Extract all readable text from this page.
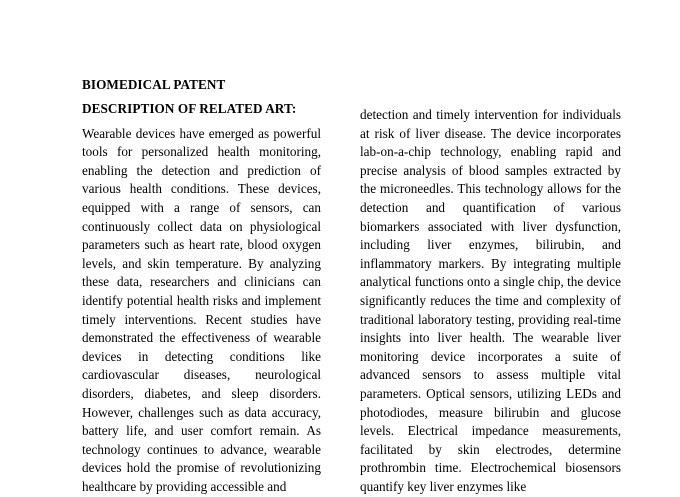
BIOMEDICAL PATENT
DESCRIPTION OF RELATED ART:

Wearable devices have emerged as powerful tools for personalized health monitoring, enabling the detection and prediction of various health conditions. These devices, equipped with a range of sensors, can continuously collect data on physiological parameters such as heart rate, blood oxygen levels, and skin temperature. By analyzing these data, researchers and clinicians can identify potential health risks and implement timely interventions. Recent studies have demonstrated the effectiveness of wearable devices in detecting conditions like cardiovascular diseases, neurological disorders, diabetes, and sleep disorders. However, challenges such as data accuracy, battery life, and user comfort remain. As technology continues to advance, wearable devices hold the promise of revolutionizing healthcare by providing accessible and

detection and timely intervention for individuals at risk of liver disease. The device incorporates lab-on-a-chip technology, enabling rapid and precise analysis of blood samples extracted by the microneedles. This technology allows for the detection and quantification of various biomarkers associated with liver dysfunction, including liver enzymes, bilirubin, and inflammatory markers. By integrating multiple analytical functions onto a single chip, the device significantly reduces the time and complexity of traditional laboratory testing, providing real-time insights into liver health. The wearable liver monitoring device incorporates a suite of advanced sensors to assess multiple vital parameters. Optical sensors, utilizing LEDs and photodiodes, measure bilirubin and glucose levels. Electrical impedance measurements, facilitated by skin electrodes, determine prothrombin time. Electrochemical biosensors quantify key liver enzymes like
